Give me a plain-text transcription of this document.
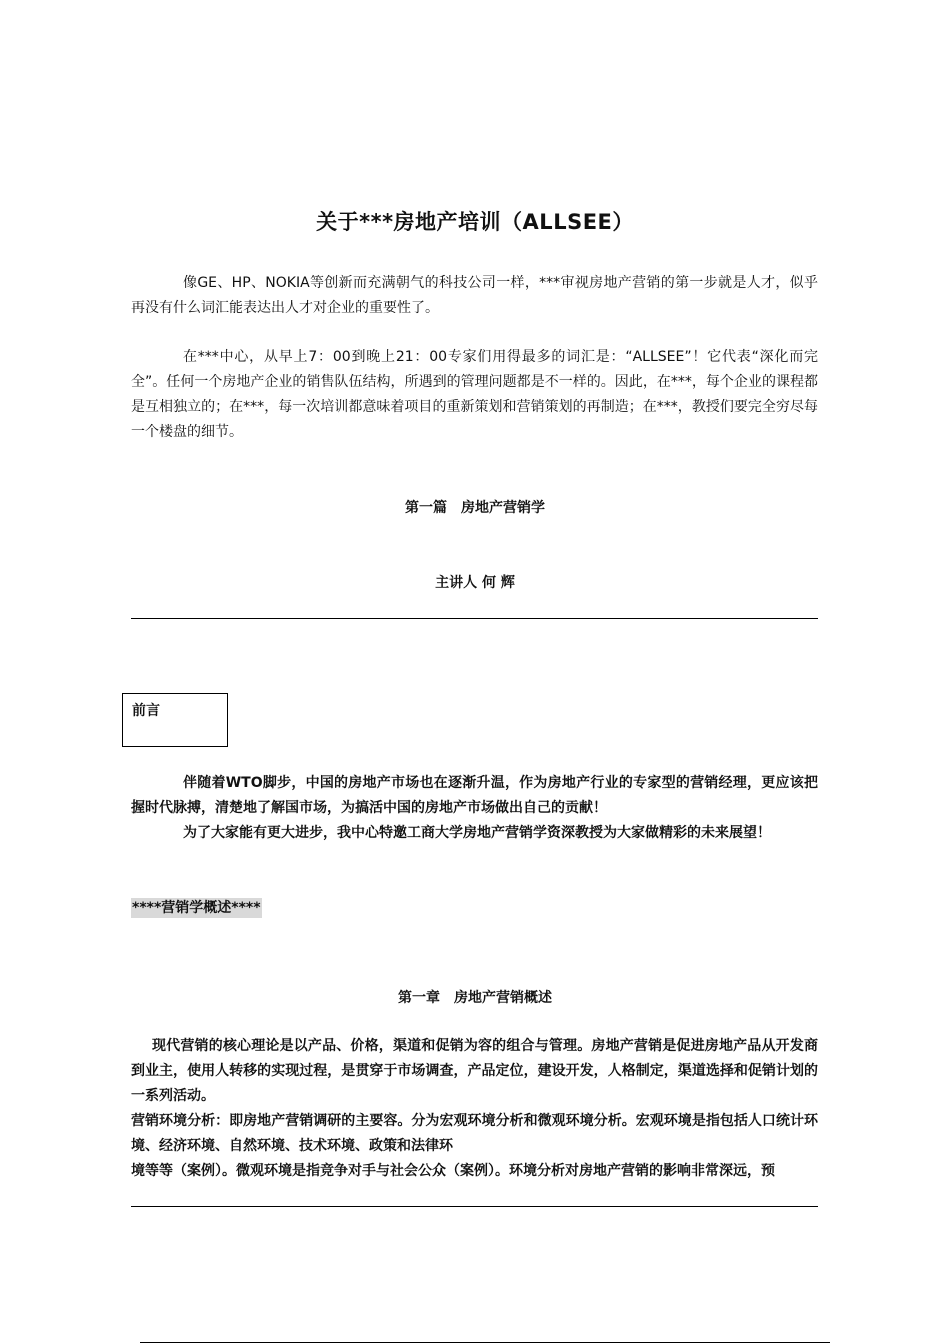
关于***房地产培训（ALLSEE）

像GE、HP、NOKIA等创新而充满朝气的科技公司一样，***审视房地产营销的第一步就是人才，似乎再没有什么词汇能表达出人才对企业的重要性了。

在***中心，从早上7：00到晚上21：00专家们用得最多的词汇是：“ALLSEE”！它代表“深化而完全”。任何一个房地产企业的销售队伍结构，所遇到的管理问题都是不一样的。因此，在***，每个企业的课程都是互相独立的；在***，每一次培训都意味着项目的重新策划和营销策划的再制造；在***，教授们要完全穷尽每一个楼盘的细节。

第一篇　房地产营销学
主讲人 何 辉
前言

伴随着WTO脚步，中国的房地产市场也在逐渐升温，作为房地产行业的专家型的营销经理，更应该把握时代脉搏，清楚地了解国市场，为搞活中国的房地产市场做出自己的贡献！

为了大家能有更大进步，我中心特邀工商大学房地产营销学资深教授为大家做精彩的未来展望！

****营销学概述****
第一章　房地产营销概述

现代营销的核心理论是以产品、价格，渠道和促销为容的组合与管理。房地产营销是促进房地产品从开发商到业主，使用人转移的实现过程，是贯穿于市场调查，产品定位，建设开发，人格制定，渠道选择和促销计划的一系列活动。

营销环境分析：即房地产营销调研的主要容。分为宏观环境分析和微观环境分析。宏观环境是指包括人口统计环境、经济环境、自然环境、技术环境、政策和法律环

境等等（案例）。微观环境是指竞争对手与社会公众（案例）。环境分析对房地产营销的影响非常深远，预
